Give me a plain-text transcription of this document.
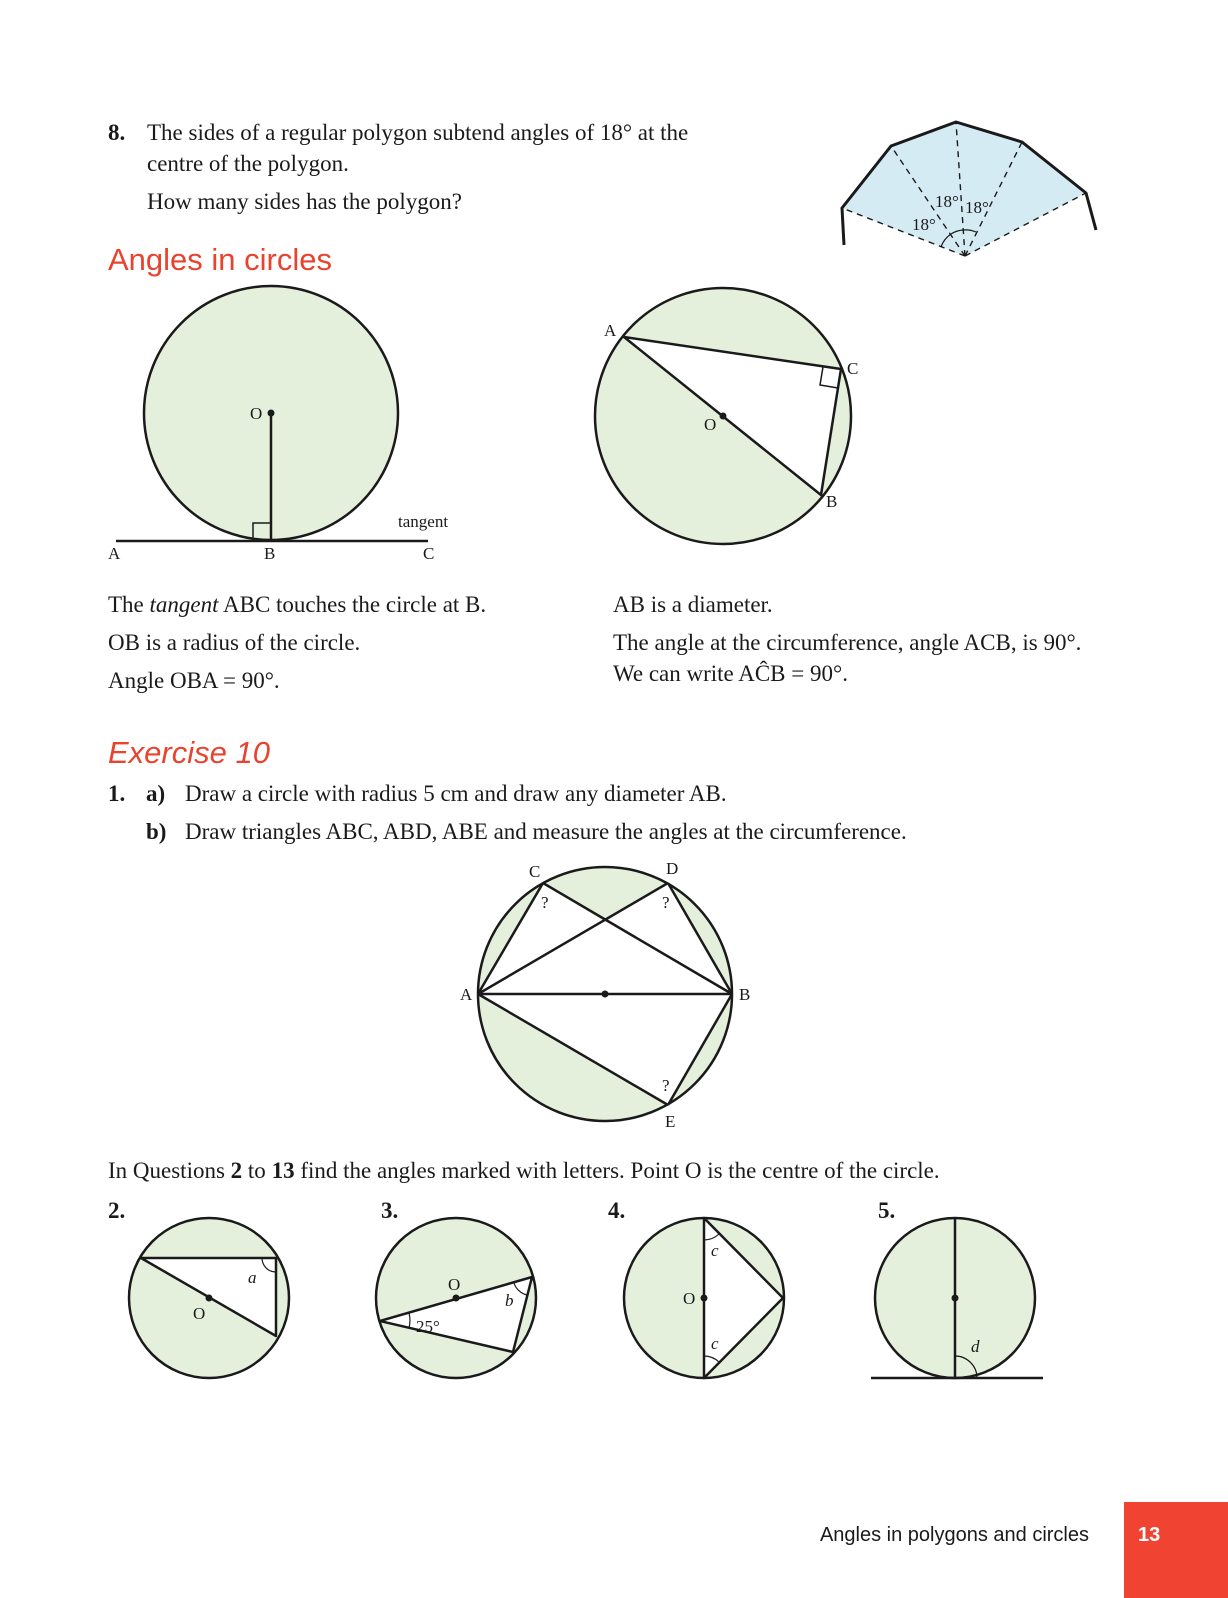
8. The sides of a regular polygon subtend angles of 18° at the
centre of the polygon.
How many sides has the polygon?
18°
18° 18°
Angles in circles
O
A	B	C
tangent
A
C
B
O
The tangent ABC touches the circle at B.
OB is a radius of the circle.
Angle OBA = 90°.
AB is a diameter.
The angle at the circumference, angle ACB, is 90°.
We can write AĈB = 90°.
Exercise 10
1. a) Draw a circle with radius 5 cm and draw any diameter AB.
b) Draw triangles ABC, ABD, ABE and measure the angles at the circumference.
C	D
A	B
E
?	?
?
In Questions 2 to 13 find the angles marked with letters. Point O is the centre of the circle.
2.	3.	4.	5.
a
O
O
b
25°
c
O
c	d
Angles in polygons and circles 13
